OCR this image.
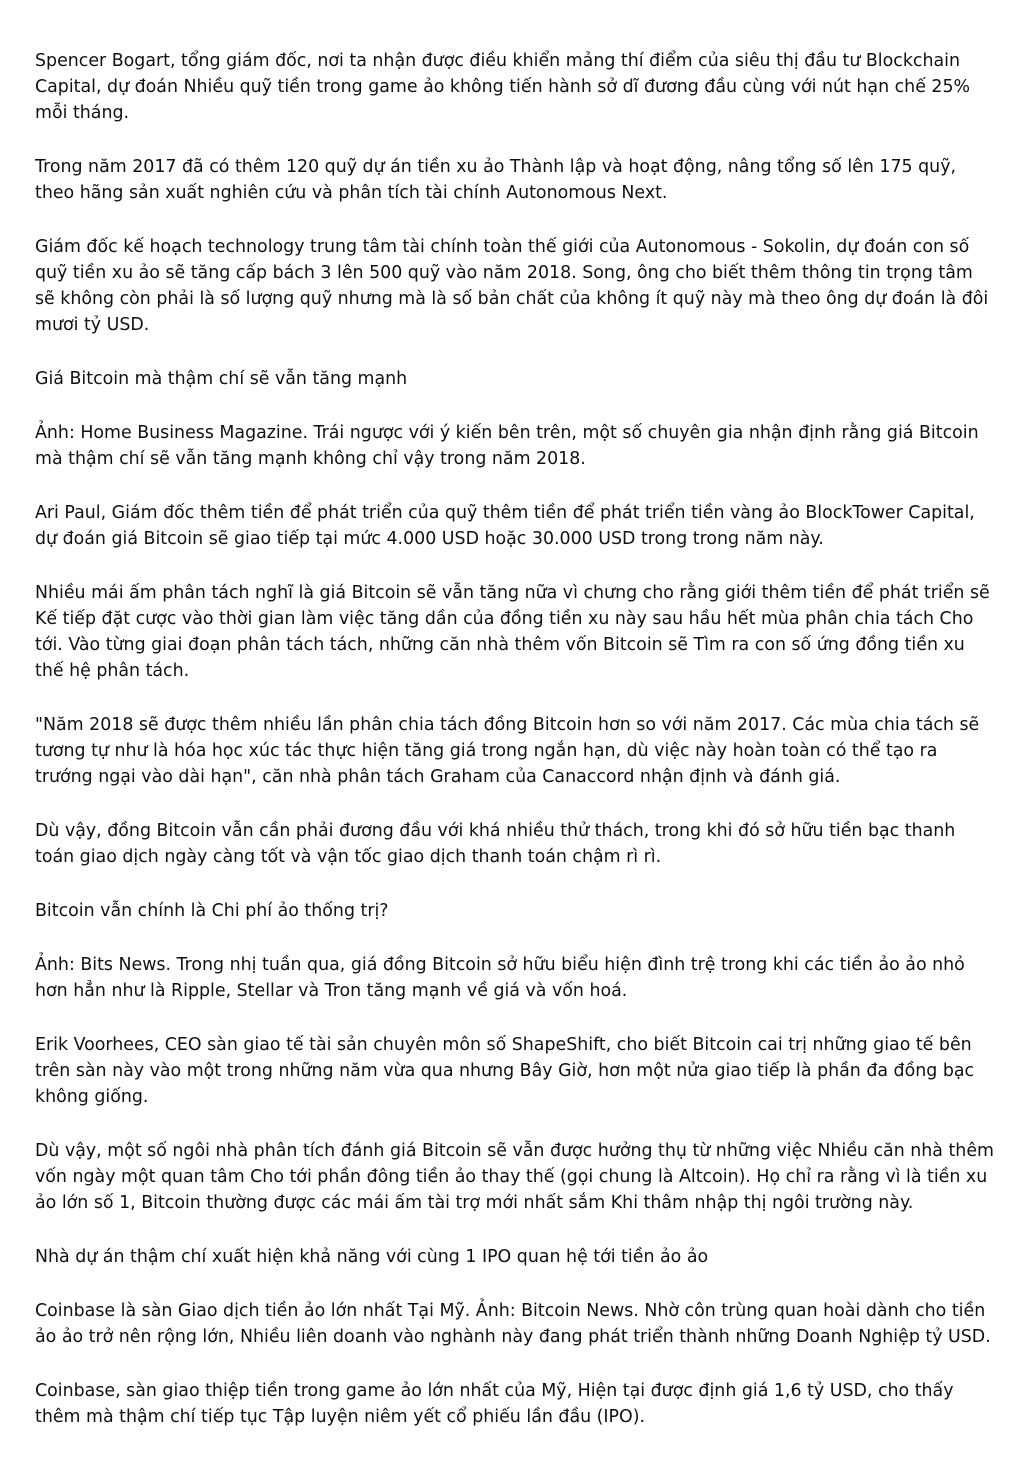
Spencer Bogart, tổng giám đốc, nơi ta nhận được điều khiển mảng thí điểm của siêu thị đầu tư Blockchain Capital, dự đoán Nhiều quỹ tiền trong game ảo không tiến hành sở dĩ đương đầu cùng với nút hạn chế 25% mỗi tháng.

Trong năm 2017 đã có thêm 120 quỹ dự án tiền xu ảo Thành lập và hoạt động, nâng tổng số lên 175 quỹ, theo hãng sản xuất nghiên cứu và phân tích tài chính Autonomous Next.

Giám đốc kế hoạch technology trung tâm tài chính toàn thế giới của Autonomous - Sokolin, dự đoán con số quỹ tiền xu ảo sẽ tăng cấp bách 3 lên 500 quỹ vào năm 2018. Song, ông cho biết thêm thông tin trọng tâm sẽ không còn phải là số lượng quỹ nhưng mà là số bản chất của không ít quỹ này mà theo ông dự đoán là đôi mươi tỷ USD.

Giá Bitcoin mà thậm chí sẽ vẫn tăng mạnh

Ảnh: Home Business Magazine. Trái ngược với ý kiến bên trên, một số chuyên gia nhận định rằng giá Bitcoin mà thậm chí sẽ vẫn tăng mạnh không chỉ vậy trong năm 2018.

Ari Paul, Giám đốc thêm tiền để phát triển của quỹ thêm tiền để phát triển tiền vàng ảo BlockTower Capital, dự đoán giá Bitcoin sẽ giao tiếp tại mức 4.000 USD hoặc 30.000 USD trong trong năm này.

Nhiều mái ấm phân tách nghĩ là giá Bitcoin sẽ vẫn tăng nữa vì chưng cho rằng giới thêm tiền để phát triển sẽ Kế tiếp đặt cược vào thời gian làm việc tăng dần của đồng tiền xu này sau hầu hết mùa phân chia tách Cho tới. Vào từng giai đoạn phân tách tách, những căn nhà thêm vốn Bitcoin sẽ Tìm ra con số ứng đồng tiền xu thế hệ phân tách.

"Năm 2018 sẽ được thêm nhiều lần phân chia tách đồng Bitcoin hơn so với năm 2017. Các mùa chia tách sẽ tương tự như là hóa học xúc tác thực hiện tăng giá trong ngắn hạn, dù việc này hoàn toàn có thể tạo ra trướng ngại vào dài hạn", căn nhà phân tách Graham của Canaccord nhận định và đánh giá.

Dù vậy, đồng Bitcoin vẫn cần phải đương đầu với khá nhiều thử thách, trong khi đó sở hữu tiền bạc thanh toán giao dịch ngày càng tốt và vận tốc giao dịch thanh toán chậm rì rì.

Bitcoin vẫn chính là Chi phí ảo thống trị?

Ảnh: Bits News. Trong nhị tuần qua, giá đồng Bitcoin sở hữu biểu hiện đình trệ trong khi các tiền ảo ảo nhỏ hơn hẳn như là Ripple, Stellar và Tron tăng mạnh về giá và vốn hoá.

Erik Voorhees, CEO sàn giao tế tài sản chuyên môn số ShapeShift, cho biết Bitcoin cai trị những giao tế bên trên sàn này vào một trong những năm vừa qua nhưng Bây Giờ, hơn một nửa giao tiếp là phần đa đồng bạc không giống.

Dù vậy, một số ngôi nhà phân tích đánh giá Bitcoin sẽ vẫn được hưởng thụ từ những việc Nhiều căn nhà thêm vốn ngày một quan tâm Cho tới phần đông tiền ảo thay thế (gọi chung là Altcoin). Họ chỉ ra rằng vì là tiền xu ảo lớn số 1, Bitcoin thường được các mái ấm tài trợ mới nhất sắm Khi thâm nhập thị ngôi trường này.

Nhà dự án thậm chí xuất hiện khả năng với cùng 1 IPO quan hệ tới tiền ảo ảo

Coinbase là sàn Giao dịch tiền ảo lớn nhất Tại Mỹ. Ảnh: Bitcoin News. Nhờ côn trùng quan hoài dành cho tiền ảo ảo trở nên rộng lớn, Nhiều liên doanh vào nghành này đang phát triển thành những Doanh Nghiệp tỷ USD.

Coinbase, sàn giao thiệp tiền trong game ảo lớn nhất của Mỹ, Hiện tại được định giá 1,6 tỷ USD, cho thấy thêm mà thậm chí tiếp tục Tập luyện niêm yết cổ phiếu lần đầu (IPO).
